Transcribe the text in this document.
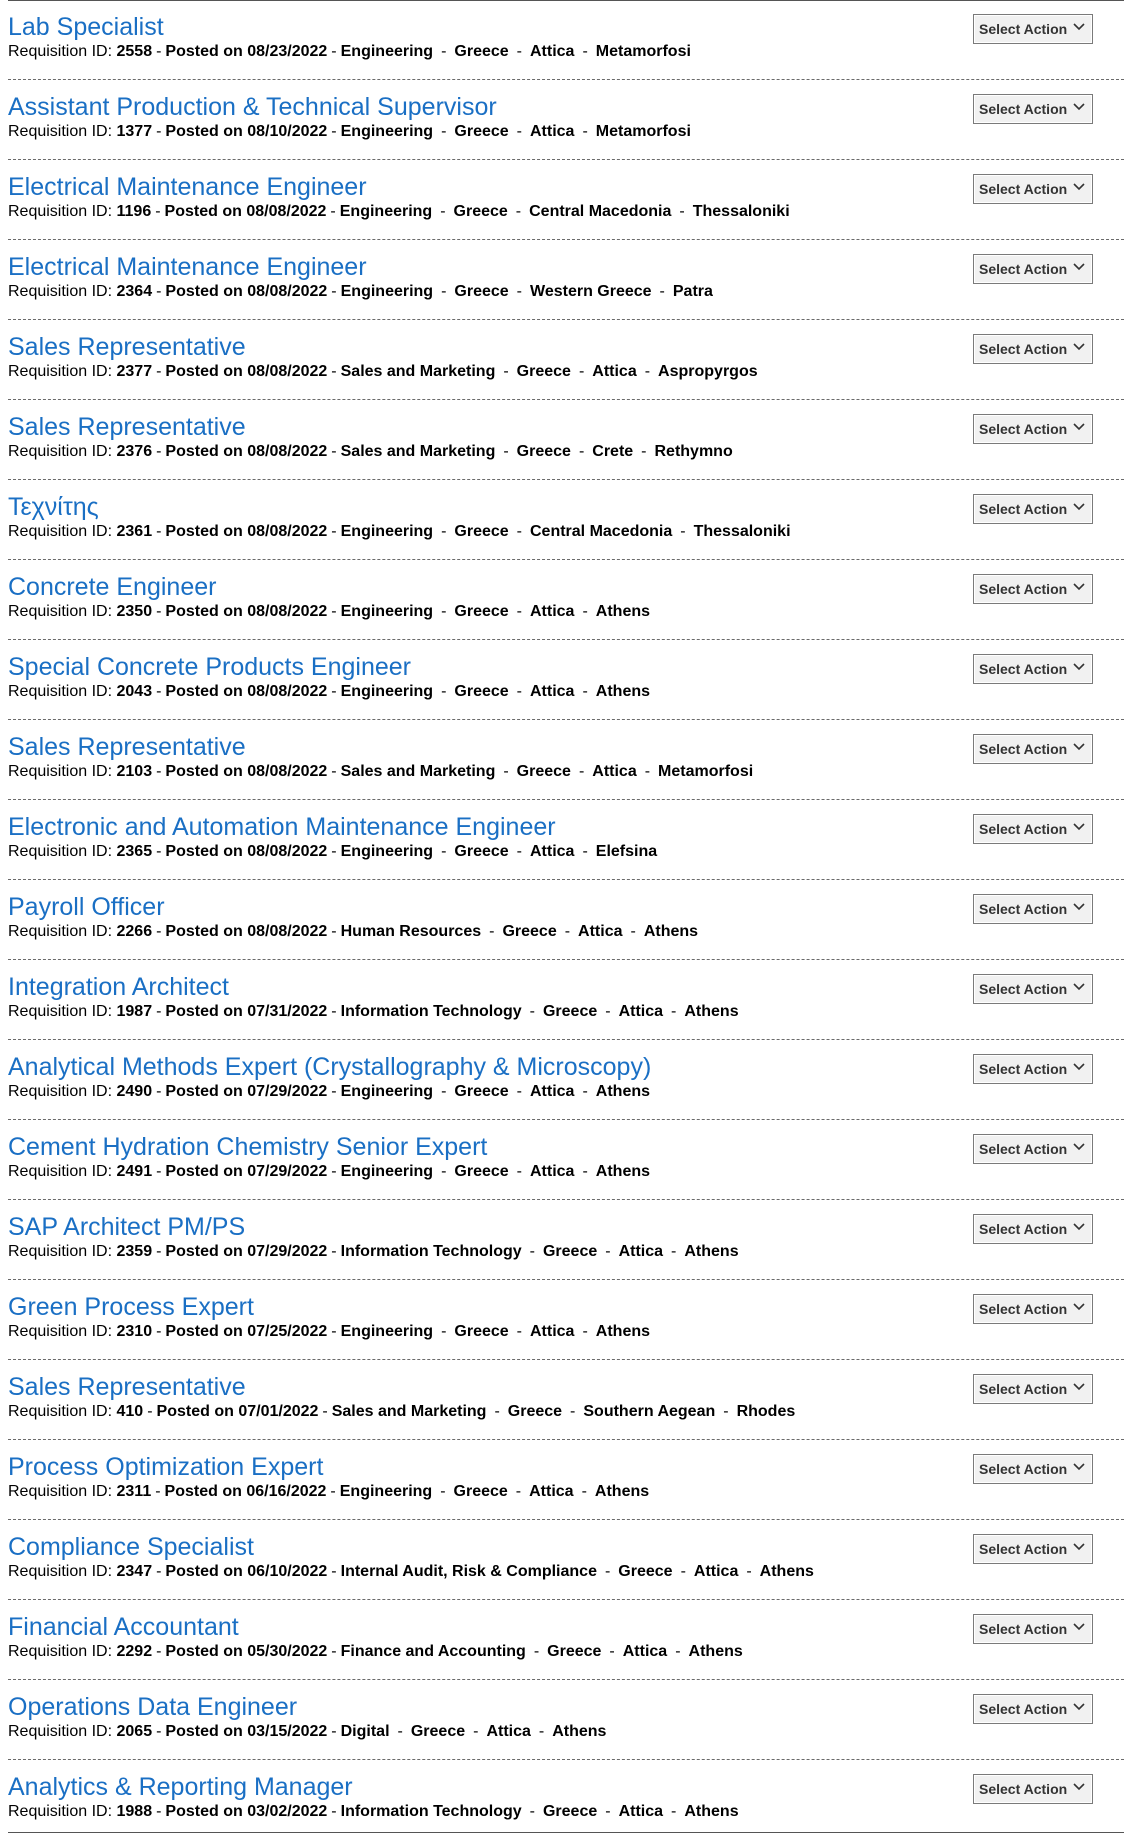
Lab Specialist
Requisition ID: 2558 - Posted on 08/23/2022 - Engineering - Greece - Attica - Metamorfosi
Select Action
Assistant Production & Technical Supervisor
Requisition ID: 1377 - Posted on 08/10/2022 - Engineering - Greece - Attica - Metamorfosi
Select Action
Electrical Maintenance Engineer
Requisition ID: 1196 - Posted on 08/08/2022 - Engineering - Greece - Central Macedonia - Thessaloniki
Select Action
Electrical Maintenance Engineer
Requisition ID: 2364 - Posted on 08/08/2022 - Engineering - Greece - Western Greece - Patra
Select Action
Sales Representative
Requisition ID: 2377 - Posted on 08/08/2022 - Sales and Marketing - Greece - Attica - Aspropyrgos
Select Action
Sales Representative
Requisition ID: 2376 - Posted on 08/08/2022 - Sales and Marketing - Greece - Crete - Rethymno
Select Action
Τεχνίτης
Requisition ID: 2361 - Posted on 08/08/2022 - Engineering - Greece - Central Macedonia - Thessaloniki
Select Action
Concrete Engineer
Requisition ID: 2350 - Posted on 08/08/2022 - Engineering - Greece - Attica - Athens
Select Action
Special Concrete Products Engineer
Requisition ID: 2043 - Posted on 08/08/2022 - Engineering - Greece - Attica - Athens
Select Action
Sales Representative
Requisition ID: 2103 - Posted on 08/08/2022 - Sales and Marketing - Greece - Attica - Metamorfosi
Select Action
Electronic and Automation Maintenance Engineer
Requisition ID: 2365 - Posted on 08/08/2022 - Engineering - Greece - Attica - Elefsina
Select Action
Payroll Officer
Requisition ID: 2266 - Posted on 08/08/2022 - Human Resources - Greece - Attica - Athens
Select Action
Integration Architect
Requisition ID: 1987 - Posted on 07/31/2022 - Information Technology - Greece - Attica - Athens
Select Action
Analytical Methods Expert (Crystallography & Microscopy)
Requisition ID: 2490 - Posted on 07/29/2022 - Engineering - Greece - Attica - Athens
Select Action
Cement Hydration Chemistry Senior Expert
Requisition ID: 2491 - Posted on 07/29/2022 - Engineering - Greece - Attica - Athens
Select Action
SAP Architect PM/PS
Requisition ID: 2359 - Posted on 07/29/2022 - Information Technology - Greece - Attica - Athens
Select Action
Green Process Expert
Requisition ID: 2310 - Posted on 07/25/2022 - Engineering - Greece - Attica - Athens
Select Action
Sales Representative
Requisition ID: 410 - Posted on 07/01/2022 - Sales and Marketing - Greece - Southern Aegean - Rhodes
Select Action
Process Optimization Expert
Requisition ID: 2311 - Posted on 06/16/2022 - Engineering - Greece - Attica - Athens
Select Action
Compliance Specialist
Requisition ID: 2347 - Posted on 06/10/2022 - Internal Audit, Risk & Compliance - Greece - Attica - Athens
Select Action
Financial Accountant
Requisition ID: 2292 - Posted on 05/30/2022 - Finance and Accounting - Greece - Attica - Athens
Select Action
Operations Data Engineer
Requisition ID: 2065 - Posted on 03/15/2022 - Digital - Greece - Attica - Athens
Select Action
Analytics & Reporting Manager
Requisition ID: 1988 - Posted on 03/02/2022 - Information Technology - Greece - Attica - Athens
Select Action
